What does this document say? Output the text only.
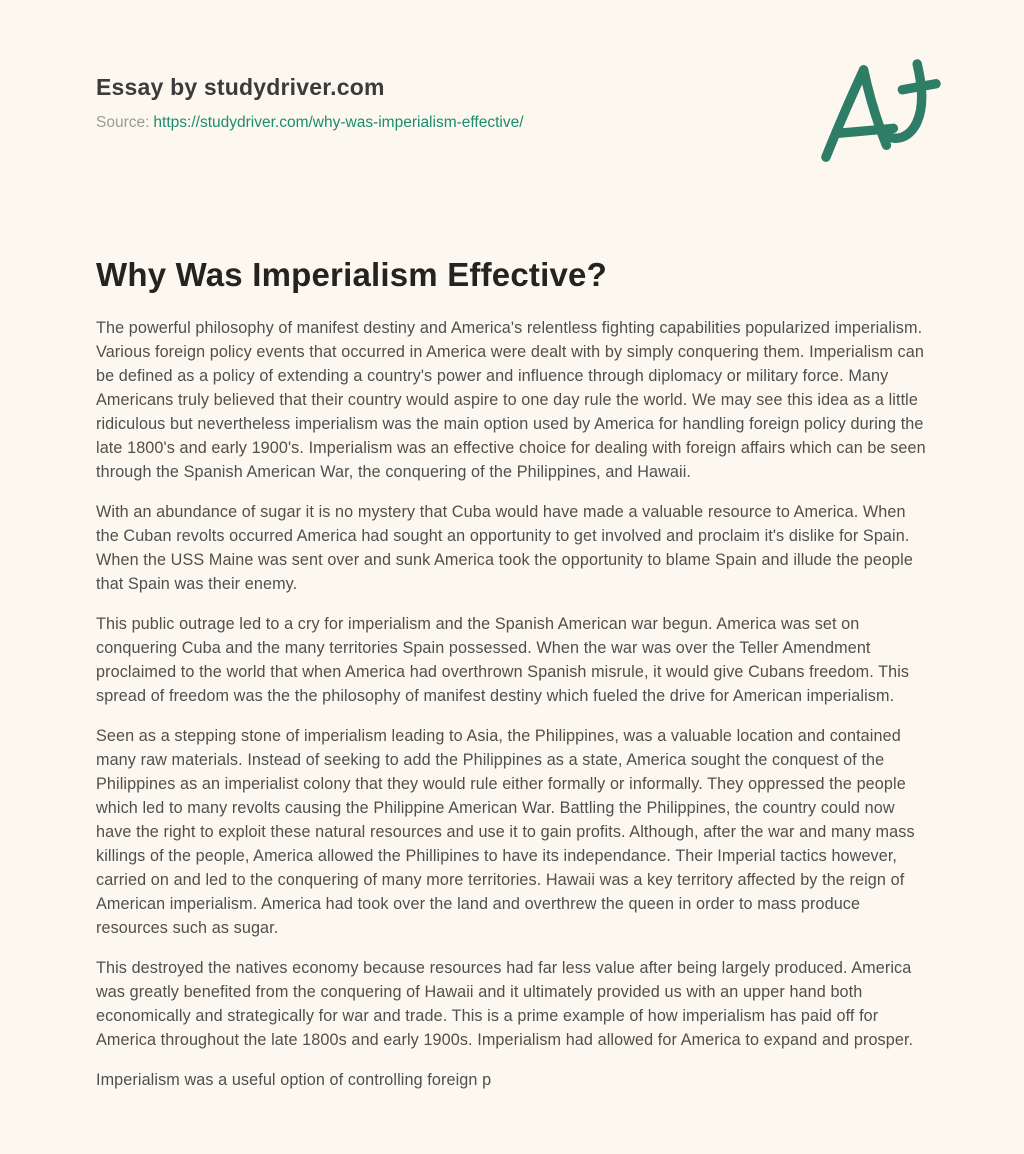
Essay by studydriver.com
Source: https://studydriver.com/why-was-imperialism-effective/
Why Was Imperialism Effective?

The powerful philosophy of manifest destiny and America's relentless fighting capabilities popularized imperialism. Various foreign policy events that occurred in America were dealt with by simply conquering them. Imperialism can be defined as a policy of extending a country's power and influence through diplomacy or military force. Many Americans truly believed that their country would aspire to one day rule the world. We may see this idea as a little ridiculous but nevertheless imperialism was the main option used by America for handling foreign policy during the late 1800's and early 1900's. Imperialism was an effective choice for dealing with foreign affairs which can be seen through the Spanish American War, the conquering of the Philippines, and Hawaii.

With an abundance of sugar it is no mystery that Cuba would have made a valuable resource to America. When the Cuban revolts occurred America had sought an opportunity to get involved and proclaim it's dislike for Spain. When the USS Maine was sent over and sunk America took the opportunity to blame Spain and illude the people that Spain was their enemy.

This public outrage led to a cry for imperialism and the Spanish American war begun. America was set on conquering Cuba and the many territories Spain possessed. When the war was over the Teller Amendment proclaimed to the world that when America had overthrown Spanish misrule, it would give Cubans freedom. This spread of freedom was the the philosophy of manifest destiny which fueled the drive for American imperialism.

Seen as a stepping stone of imperialism leading to Asia, the Philippines, was a valuable location and contained many raw materials. Instead of seeking to add the Philippines as a state, America sought the conquest of the Philippines as an imperialist colony that they would rule either formally or informally. They oppressed the people which led to many revolts causing the Philippine American War. Battling the Philippines, the country could now have the right to exploit these natural resources and use it to gain profits. Although, after the war and many mass killings of the people, America allowed the Phillipines to have its independance. Their Imperial tactics however, carried on and led to the conquering of many more territories. Hawaii was a key territory affected by the reign of American imperialism. America had took over the land and overthrew the queen in order to mass produce resources such as sugar.

This destroyed the natives economy because resources had far less value after being largely produced. America was greatly benefited from the conquering of Hawaii and it ultimately provided us with an upper hand both economically and strategically for war and trade. This is a prime example of how imperialism has paid off for America throughout the late 1800s and early 1900s. Imperialism had allowed for America to expand and prosper.

Imperialism was a useful option of controlling foreign p
